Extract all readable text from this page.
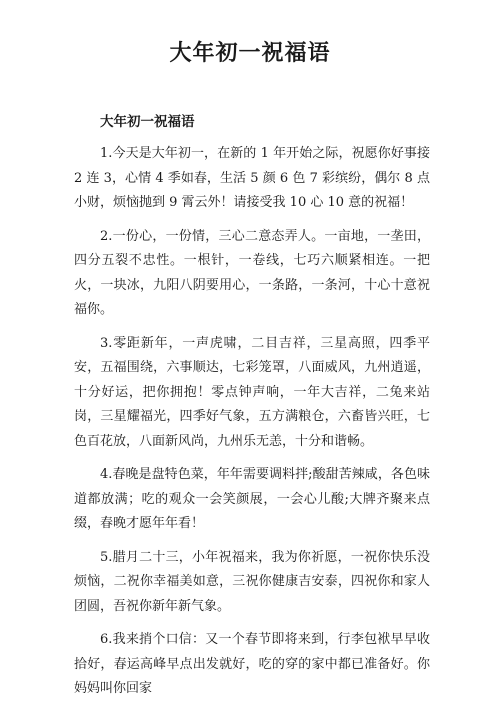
大年初一祝福语
大年初一祝福语

1.今天是大年初一，在新的 1 年开始之际，祝愿你好事接 2 连 3，心情 4 季如春，生活 5 颜 6 色 7 彩缤纷，偶尔 8 点小财，烦恼抛到 9 霄云外！请接受我 10 心 10 意的祝福！

2.一份心，一份情，三心二意态弄人。一亩地，一垄田，四分五裂不忠性。一根针，一卷线，七巧六顺紧相连。一把火，一块冰，九阳八阴要用心，一条路，一条河，十心十意祝福你。

3.零距新年，一声虎啸，二目吉祥，三星高照，四季平安，五福围绕，六事顺达，七彩笼罩，八面威风，九州逍遥，十分好运，把你拥抱！零点钟声响，一年大吉祥，二兔来站岗，三星耀福光，四季好气象，五方满粮仓，六畜皆兴旺，七色百花放，八面新风尚，九州乐无恙，十分和谐畅。

4.春晚是盘特色菜，年年需要调料拌;酸甜苦辣咸，各色味道都放满；吃的观众一会笑颜展，一会心儿酸;大牌齐聚来点缀，春晚才愿年年看！

5.腊月二十三，小年祝福来，我为你祈愿，一祝你快乐没烦恼，二祝你幸福美如意，三祝你健康吉安泰，四祝你和家人团圆，吾祝你新年新气象。

6.我来捎个口信：又一个春节即将来到，行李包袱早早收拾好，春运高峰早点出发就好，吃的穿的家中都已准备好。你妈妈叫你回家
